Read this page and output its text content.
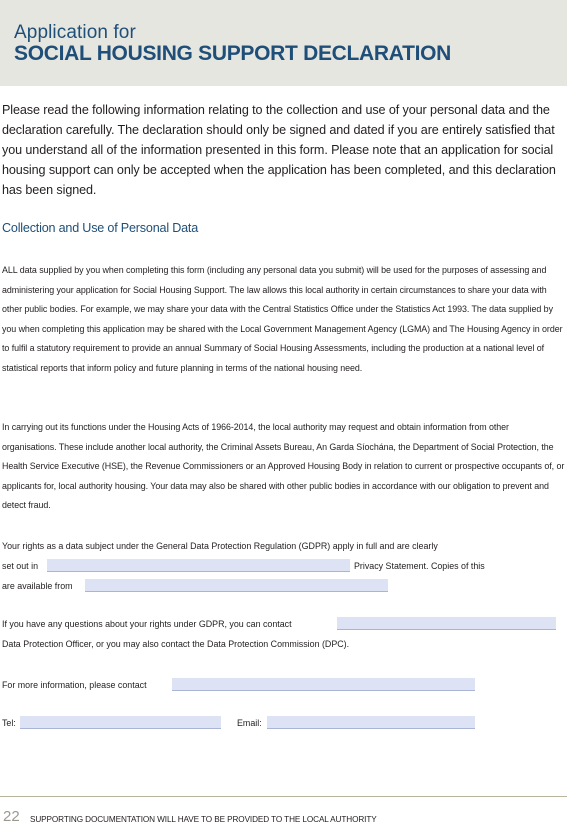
Application for
SOCIAL HOUSING SUPPORT DECLARATION
Please read the following information relating to the collection and use of your personal data and the declaration carefully. The declaration should only be signed and dated if you are entirely satisfied that you understand all of the information presented in this form. Please note that an application for social housing support can only be accepted when the application has been completed, and this declaration has been signed.
Collection and Use of Personal Data
ALL data supplied by you when completing this form (including any personal data you submit) will be used for the purposes of assessing and administering your application for Social Housing Support. The law allows this local authority in certain circumstances to share your data with other public bodies. For example, we may share your data with the Central Statistics Office under the Statistics Act 1993. The data supplied by you when completing this application may be shared with the Local Government Management Agency (LGMA) and The Housing Agency in order to fulfil a statutory requirement to provide an annual Summary of Social Housing Assessments, including the production at a national level of statistical reports that inform policy and future planning in terms of the national housing need.
In carrying out its functions under the Housing Acts of 1966-2014, the local authority may request and obtain information from other organisations. These include another local authority, the Criminal Assets Bureau, An Garda Síochána, the Department of Social Protection, the Health Service Executive (HSE), the Revenue Commissioners or an Approved Housing Body in relation to current or prospective occupants of, or applicants for, local authority housing. Your data may also be shared with other public bodies in accordance with our obligation to prevent and detect fraud.
Your rights as a data subject under the General Data Protection Regulation (GDPR) apply in full and are clearly
set out in	Privacy Statement. Copies of this
are available from
If you have any questions about your rights under GDPR, you can contact
Data Protection Officer, or you may also contact the Data Protection Commission (DPC).
For more information, please contact
Tel:	Email:
22 SUPPORTING DOCUMENTATION WILL HAVE TO BE PROVIDED TO THE LOCAL AUTHORITY
